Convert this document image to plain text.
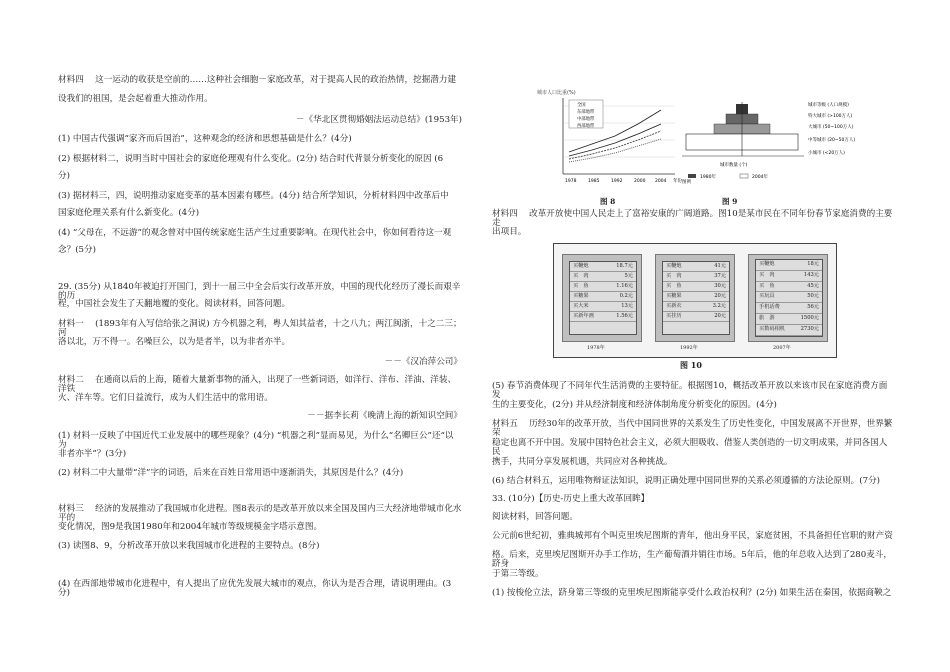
材料四　 这一运动的收获是空前的……这种社会细胞－家庭改革，对于提高人民的政治热情，挖掘潜力建

设我们的祖国，是会起着重大推动作用。

－《华北区贯彻婚姻法运动总结》(1953年)

(1) 中国古代强调“家齐而后国治”，这种观念的经济和思想基础是什么？(4分)

(2) 根据材料二，说明当时中国社会的家庭伦理观有什么变化。(2分) 结合时代背景分析变化的原因 (6

分)

(3) 据材料三，四，说明推动家庭变革的基本因素有哪些。(4分) 结合所学知识，分析材料四中改革后中

国家庭伦理关系有什么新变化。(4分)

(4) “父母在，不远游”的观念曾对中国传统家庭生活产生过重要影响。在现代社会中，你如何看待这一观

念？(5分)

29. (35分) 从1840年被迫打开国门，到十一届三中全会后实行改革开放，中国的现代化经历了漫长而艰辛的历

程，中国社会发生了天翻地覆的变化。阅读材料，回答问题。

材料一　 (1893年有入写信给张之洞说) 方今机器之利，粤人知其益者，十之八九；两江闽浙，十之二三；河

洛以北，万不得一。名噪巨公，以为是者半，以为非者亦半。

－－《汉冶萍公司》

材料二　 在通商以后的上海，随着大量新事物的涌入，出现了一些新词语，如洋行、洋布、洋油、洋装、洋铁

火、洋车等。它们日益流行，成为人们生活中的常用语。

－－据李长莉《晚清上海的新知识空间》

(1) 材料一反映了中国近代工业发展中的哪些现象？(4分) “机器之利”显而易见，为什么“名卿巨公”还“以为

非者亦半”？(3分)

(2) 材料二中大量带“洋”字的词语，后来在百姓日常用语中逐渐消失，其原因是什么？(4分)

材料三　 经济的发展推动了我国城市化进程。图8表示的是改革开放以来全国及国内三大经济地带城市化水平的

变化情况，图9是我国1980年和2004年城市等级规模金字塔示意图。

(3) 读图8、9，分析改革开放以来我国城市化进程的主要特点。(8分)

(4) 在西部地带城市化进程中，有人提出了应优先发展大城市的观点，你认为是否合理，请说明理由。(3分)

城市人口比重(%)
1978	1985	1992	2000 2004 年份
全国
东部地带
中部地带
西部地带
图 8
城市数量 (个)
图例
1980年	2004年
城市等级 (人口规模)
特大城市 (>100万人)
大城市 (50~100万人)
中等城市 (20~50万人)
小城市 (<20万人)
图 9

材料四　 改革开放使中国人民走上了富裕安康的广阔道路。图10是某市民在不同年份春节家庭消费的主要走

出项目。

买鞭炮	18.7元
买　肉	5元
买　鱼	1.16元
买糖果	0.2元
买大米	13元
买新年画	1.56元
买鞭炮	41元
买　肉	37元
买　鱼	30元
买糖果	20元
买新衣	3.2元
买挂历	20元
买鞭炮	18元
买　肉	143元
买　鱼	45元
买玩具	50元
手机话费	56元
旅　游	1500元
买数码相机	2730元
1978年	1992年	2007年
图 10

(5) 春节消费体现了不同年代生活消费的主要特征。根据图10，概括改革开放以来该市民在家庭消费方面发

生的主要变化，(2分) 并从经济制度和经济体制角度分析变化的原因。(4分)

材料五　 历经30年的改革开放，当代中国同世界的关系发生了历史性变化，中国发展离不开世界，世界繁荣

稳定也离不开中国。发展中国特色社会主义，必须大胆吸收、借鉴人类创造的一切文明成果，并同各国人民

携手，共同分享发展机遇，共同应对各种挑战。

(6) 结合材料五，运用唯物辩证法知识，说明正确处理中国同世界的关系必须遵循的方法论原则。(7分)

33. (10分)【历史-历史上重大改革回眸】

阅读材料，回答问题。

公元前6世纪初，雅典城邦有个叫克里埃尼图斯的青年，他出身平民，家庭贫困，不具备担任官职的财产资

格。后来，克里埃尼图斯开办手工作坊，生产葡萄酒并销往市场。5年后，他的年总收入达到了280麦斗，跻身

于第三等级。

(1) 按梭伦立法，跻身第三等级的克里埃尼图斯能享受什么政治权利？(2分) 如果生活在秦国，依据商鞅之
